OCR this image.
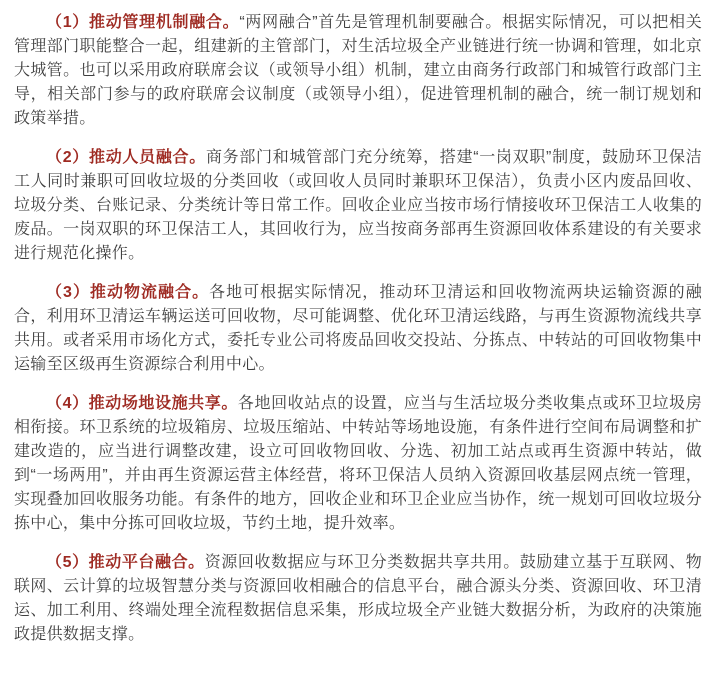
（1）推动管理机制融合。“两网融合”首先是管理机制要融合。根据实际情况，可以把相关管理部门职能整合一起，组建新的主管部门，对生活垃圾全产业链进行统一协调和管理，如北京大城管。也可以采用政府联席会议（或领导小组）机制，建立由商务行政部门和城管行政部门主导，相关部门参与的政府联席会议制度（或领导小组），促进管理机制的融合，统一制订规划和政策举措。

（2）推动人员融合。商务部门和城管部门充分统筹，搭建“一岗双职”制度，鼓励环卫保洁工人同时兼职可回收垃圾的分类回收（或回收人员同时兼职环卫保洁），负责小区内废品回收、垃圾分类、台账记录、分类统计等日常工作。回收企业应当按市场行情接收环卫保洁工人收集的废品。一岗双职的环卫保洁工人，其回收行为，应当按商务部再生资源回收体系建设的有关要求进行规范化操作。

（3）推动物流融合。各地可根据实际情况，推动环卫清运和回收物流两块运输资源的融合，利用环卫清运车辆运送可回收物，尽可能调整、优化环卫清运线路，与再生资源物流线共享共用。或者采用市场化方式，委托专业公司将废品回收交投站、分拣点、中转站的可回收物集中运输至区级再生资源综合利用中心。

（4）推动场地设施共享。各地回收站点的设置，应当与生活垃圾分类收集点或环卫垃圾房相衔接。环卫系统的垃圾箱房、垃圾压缩站、中转站等场地设施，有条件进行空间布局调整和扩建改造的，应当进行调整改建，设立可回收物回收、分选、初加工站点或再生资源中转站，做到“一场两用”，并由再生资源运营主体经营，将环卫保洁人员纳入资源回收基层网点统一管理，实现叠加回收服务功能。有条件的地方，回收企业和环卫企业应当协作，统一规划可回收垃圾分拣中心，集中分拣可回收垃圾，节约土地，提升效率。

（5）推动平台融合。资源回收数据应与环卫分类数据共享共用。鼓励建立基于互联网、物联网、云计算的垃圾智慧分类与资源回收相融合的信息平台，融合源头分类、资源回收、环卫清运、加工利用、终端处理全流程数据信息采集，形成垃圾全产业链大数据分析，为政府的决策施政提供数据支撑。
